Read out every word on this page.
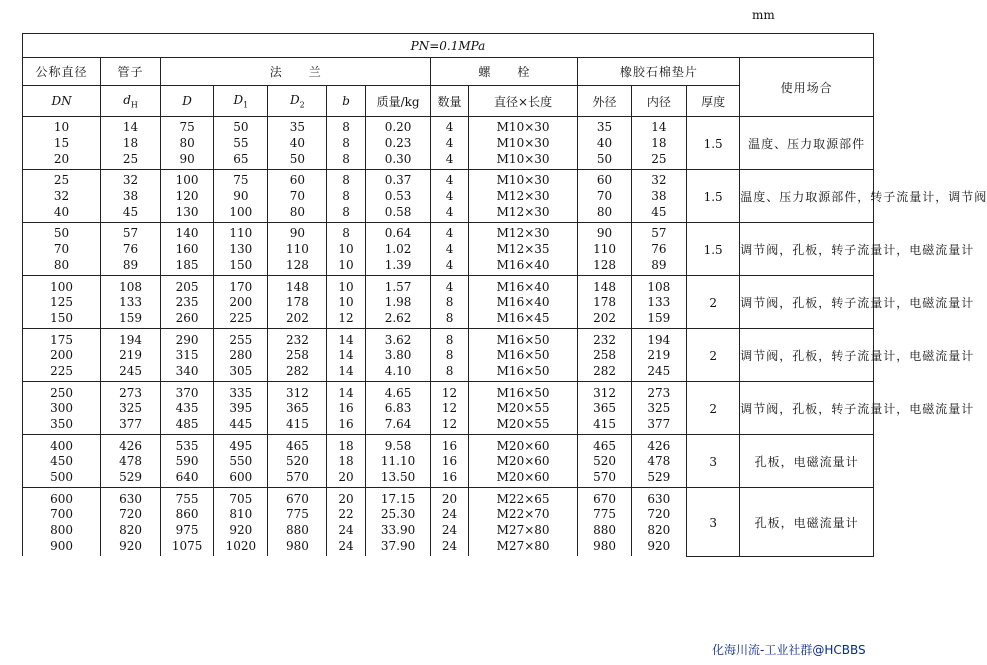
mm
PN=0.1MPa												
公称直径	管子	法　　兰					螺　　栓		橡胶石棉垫片			使用场合
DN	$d_H$	D	$D_1$	$D_2$	b	质量/kg	数量	直径×长度	外径	内径	厚度	
10	14	75	50	35	8	0.20	4	M10×30	35	14	1.5	温度、压力取源部件
15	18	80	55	40	8	0.23	4	M10×30	40	18		
20	25	90	65	50	8	0.30	4	M10×30	50	25		
25	32	100	75	60	8	0.37	4	M10×30	60	32	1.5	温度、压力取源部件，转子流量计，调节阀
32	38	120	90	70	8	0.53	4	M12×30	70	38		
40	45	130	100	80	8	0.58	4	M12×30	80	45		
50	57	140	110	90	8	0.64	4	M12×30	90	57	1.5	调节阀，孔板，转子流量计，电磁流量计
70	76	160	130	110	10	1.02	4	M12×35	110	76		
80	89	185	150	128	10	1.39	4	M16×40	128	89		
100	108	205	170	148	10	1.57	4	M16×40	148	108	2	调节阀，孔板，转子流量计，电磁流量计
125	133	235	200	178	10	1.98	8	M16×40	178	133		
150	159	260	225	202	12	2.62	8	M16×45	202	159		
175	194	290	255	232	14	3.62	8	M16×50	232	194	2	调节阀，孔板，转子流量计，电磁流量计
200	219	315	280	258	14	3.80	8	M16×50	258	219		
225	245	340	305	282	14	4.10	8	M16×50	282	245		
250	273	370	335	312	14	4.65	12	M16×50	312	273	2	调节阀，孔板，转子流量计，电磁流量计
300	325	435	395	365	16	6.83	12	M20×55	365	325		
350	377	485	445	415	16	7.64	12	M20×55	415	377		
400	426	535	495	465	18	9.58	16	M20×60	465	426	3	孔板，电磁流量计
450	478	590	550	520	18	11.10	16	M20×60	520	478		
500	529	640	600	570	20	13.50	16	M20×60	570	529		
600	630	755	705	670	20	17.15	20	M22×65	670	630	3	孔板，电磁流量计
700	720	860	810	775	22	25.30	24	M22×70	775	720		
800	820	975	920	880	24	33.90	24	M27×80	880	820		
900	920	1075	1020	980	24	37.90	24	M27×80	980	920		
化海川流-工业社群@HCBBS
